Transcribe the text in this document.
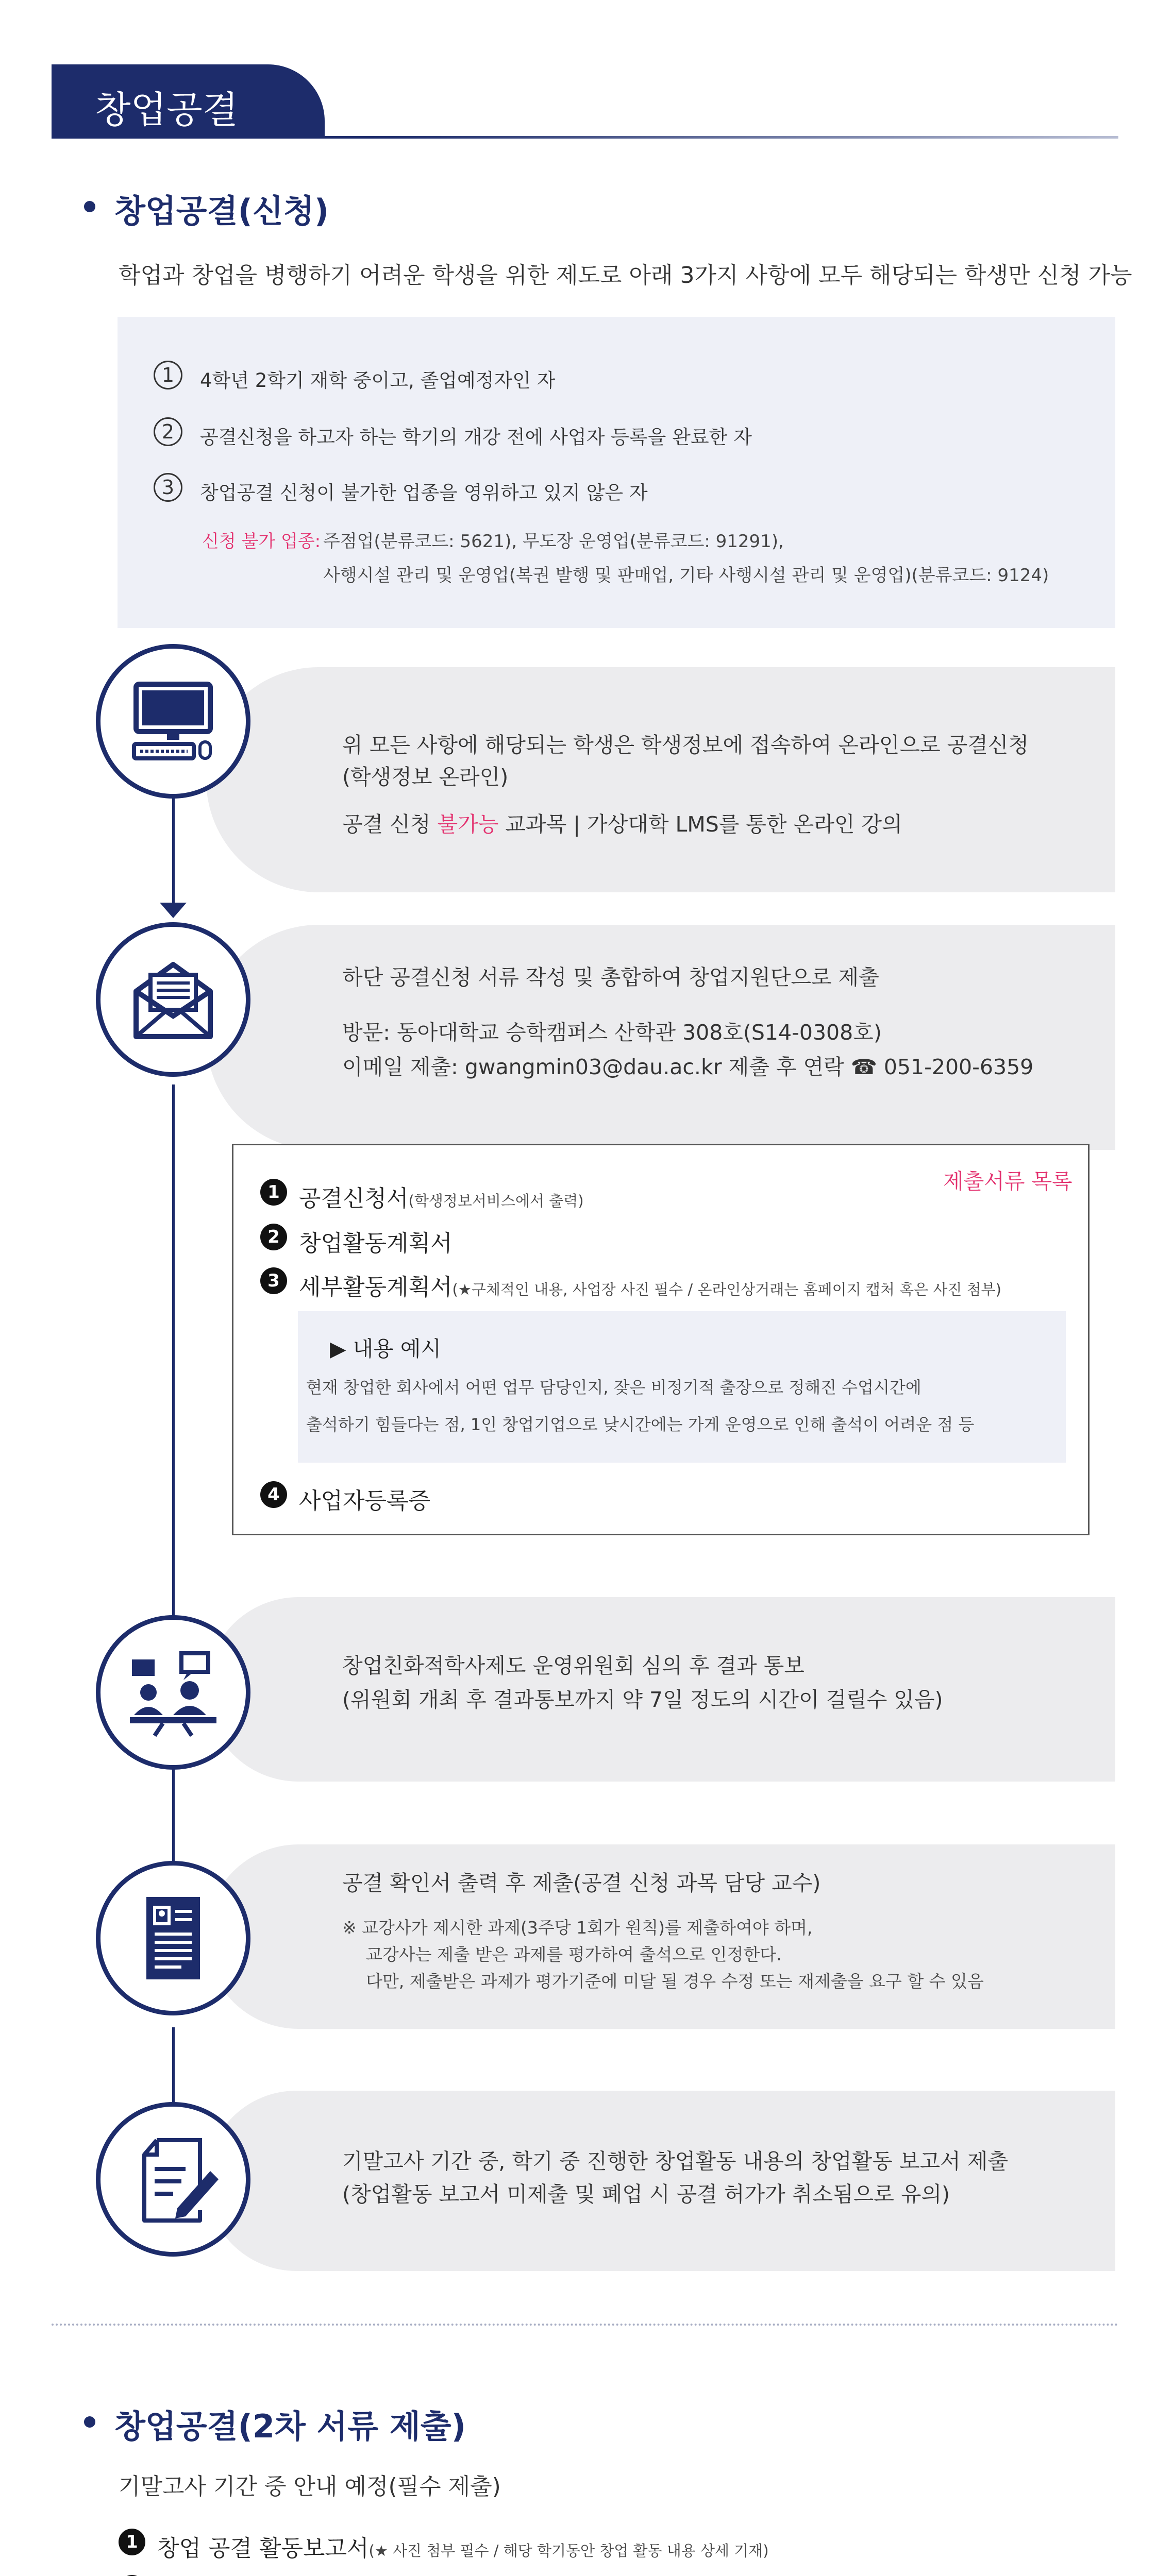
창업공결
창업공결(신청)
학업과 창업을 병행하기 어려운 학생을 위한 제도로 아래 3가지 사항에 모두 해당되는 학생만 신청 가능
1	4학년 2학기 재학 중이고, 졸업예정자인 자
2	공결신청을 하고자 하는 학기의 개강 전에 사업자 등록을 완료한 자
3	창업공결 신청이 불가한 업종을 영위하고 있지 않은 자
신청 불가 업종: 주점업(분류코드: 5621), 무도장 운영업(분류코드: 91291),
사행시설 관리 및 운영업(복권 발행 및 판매업, 기타 사행시설 관리 및 운영업)(분류코드: 9124)
위 모든 사항에 해당되는 학생은 학생정보에 접속하여 온라인으로 공결신청
(학생정보 온라인)
공결 신청 불가능 교과목 | 가상대학 LMS를 통한 온라인 강의
하단 공결신청 서류 작성 및 총합하여 창업지원단으로 제출
방문: 동아대학교 승학캠퍼스 산학관 308호(S14-0308호)
이메일 제출: gwangmin03@dau.ac.kr 제출 후 연락 ☎ 051-200-6359
제출서류 목록
1 공결신청서(학생정보서비스에서 출력)
2 창업활동계획서
3 세부활동계획서(★구체적인 내용, 사업장 사진 필수 / 온라인상거래는 홈페이지 캡처 혹은 사진 첨부)
▶ 내용 예시
현재 창업한 회사에서 어떤 업무 담당인지, 잦은 비정기적 출장으로 정해진 수업시간에
출석하기 힘들다는 점, 1인 창업기업으로 낮시간에는 가게 운영으로 인해 출석이 어려운 점 등
4 사업자등록증
창업친화적학사제도 운영위원회 심의 후 결과 통보
(위원회 개최 후 결과통보까지 약 7일 정도의 시간이 걸릴수 있음)
공결 확인서 출력 후 제출(공결 신청 과목 담당 교수)
※ 교강사가 제시한 과제(3주당 1회가 원칙)를 제출하여야 하며,
교강사는 제출 받은 과제를 평가하여 출석으로 인정한다.
다만, 제출받은 과제가 평가기준에 미달 될 경우 수정 또는 재제출을 요구 할 수 있음
기말고사 기간 중, 학기 중 진행한 창업활동 내용의 창업활동 보고서 제출
(창업활동 보고서 미제출 및 폐업 시 공결 허가가 취소됨으로 유의)
창업공결(2차 서류 제출)
기말고사 기간 중 안내 예정(필수 제출)
1 창업 공결 활동보고서(★ 사진 첨부 필수 / 해당 학기동안 창업 활동 내용 상세 기재)
